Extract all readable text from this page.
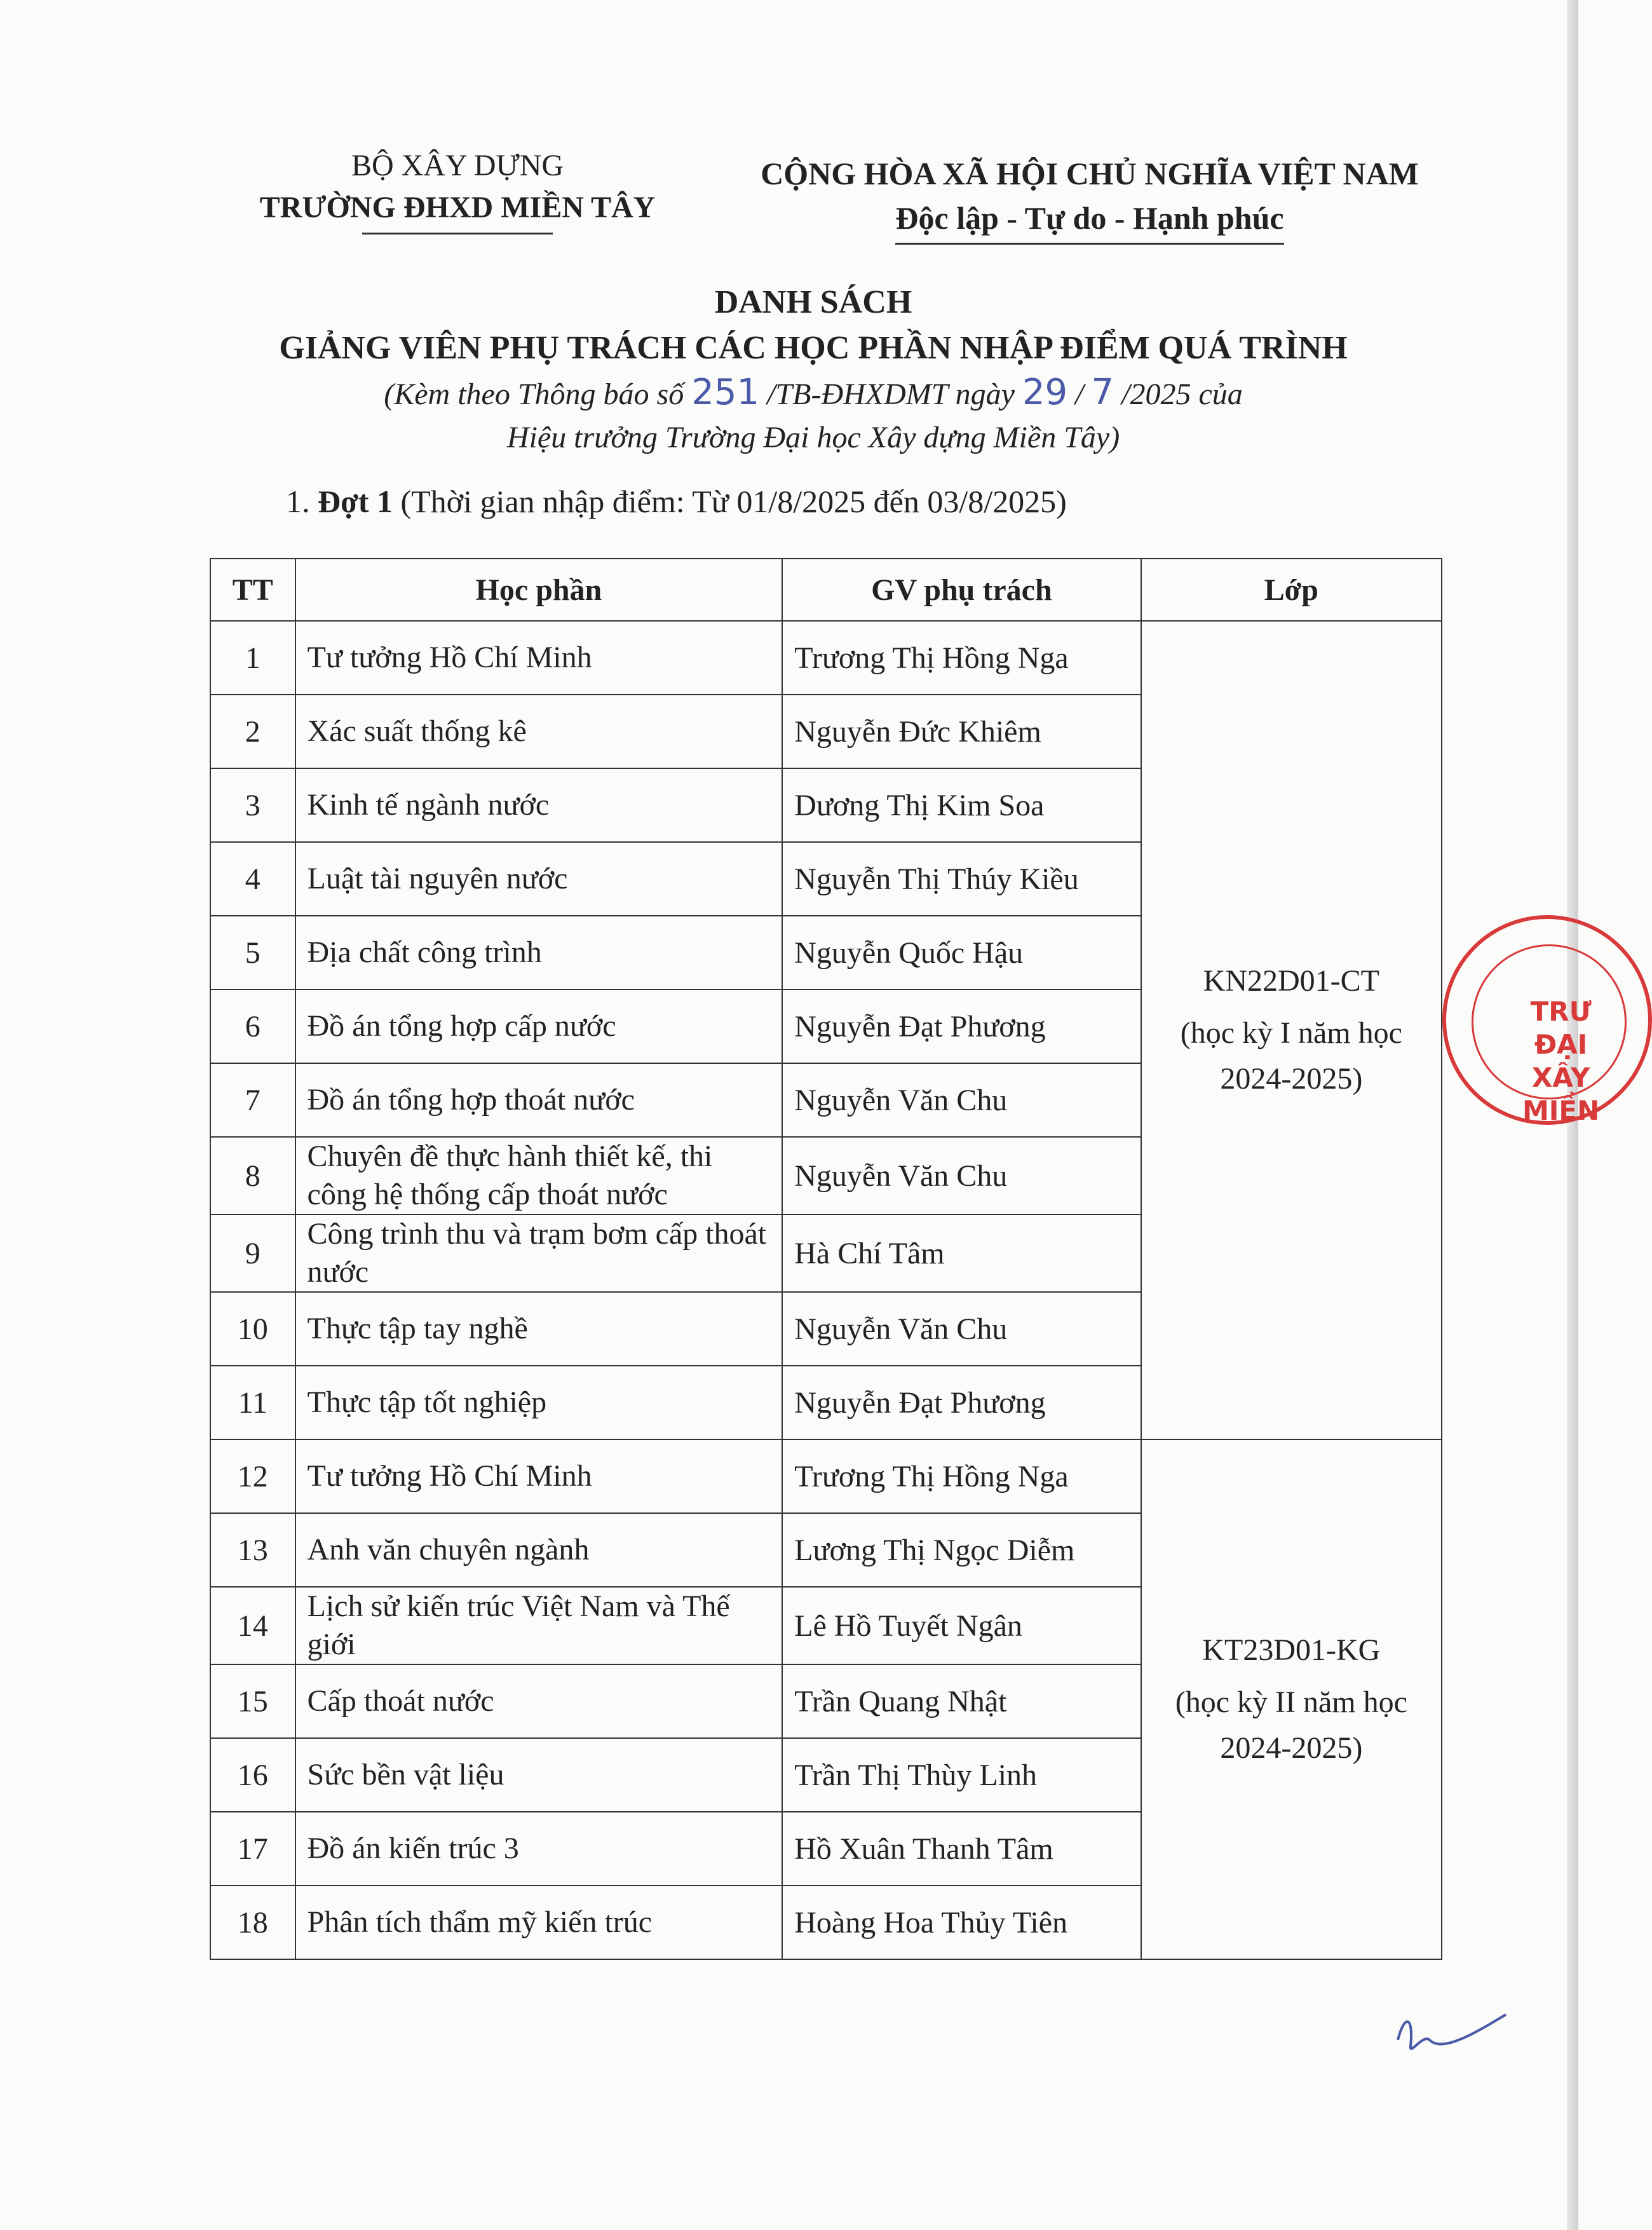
BỘ XÂY DỰNG
TRƯỜNG ĐHXD MIỀN TÂY
CỘNG HÒA XÃ HỘI CHỦ NGHĨA VIỆT NAM
Độc lập - Tự do - Hạnh phúc
DANH SÁCH
GIẢNG VIÊN PHỤ TRÁCH CÁC HỌC PHẦN NHẬP ĐIỂM QUÁ TRÌNH
(Kèm theo Thông báo số 251 /TB-ĐHXDMT ngày 29 / 7 /2025 của
Hiệu trưởng Trường Đại học Xây dựng Miền Tây)
1. Đợt 1 (Thời gian nhập điểm: Từ 01/8/2025 đến 03/8/2025)
TT	Học phần	GV phụ trách	Lớp
1	Tư tưởng Hồ Chí Minh	Trương Thị Hồng Nga	KN22D01-CT
(học kỳ I năm học 2024-2025)

2	Xác suất thống kê	Nguyễn Đức Khiêm	
3	Kinh tế ngành nước	Dương Thị Kim Soa	
4	Luật tài nguyên nước	Nguyễn Thị Thúy Kiều	
5	Địa chất công trình	Nguyễn Quốc Hậu	
6	Đồ án tổng hợp cấp nước	Nguyễn Đạt Phương	
7	Đồ án tổng hợp thoát nước	Nguyễn Văn Chu	
8	Chuyên đề thực hành thiết kế, thi công hệ thống cấp thoát nước	Nguyễn Văn Chu	
9	Công trình thu và trạm bơm cấp thoát nước	Hà Chí Tâm	
10	Thực tập tay nghề	Nguyễn Văn Chu	
11	Thực tập tốt nghiệp	Nguyễn Đạt Phương	
12	Tư tưởng Hồ Chí Minh	Trương Thị Hồng Nga	KT23D01-KG
(học kỳ II năm học 2024-2025)

13	Anh văn chuyên ngành	Lương Thị Ngọc Diễm	
14	Lịch sử kiến trúc Việt Nam và Thế giới	Lê Hồ Tuyết Ngân	
15	Cấp thoát nước	Trần Quang Nhật	
16	Sức bền vật liệu	Trần Thị Thùy Linh	
17	Đồ án kiến trúc 3	Hồ Xuân Thanh Tâm	
18	Phân tích thẩm mỹ kiến trúc	Hoàng Hoa Thủy Tiên	
TRƯ
ĐẠI
XÂY
MIỀN
